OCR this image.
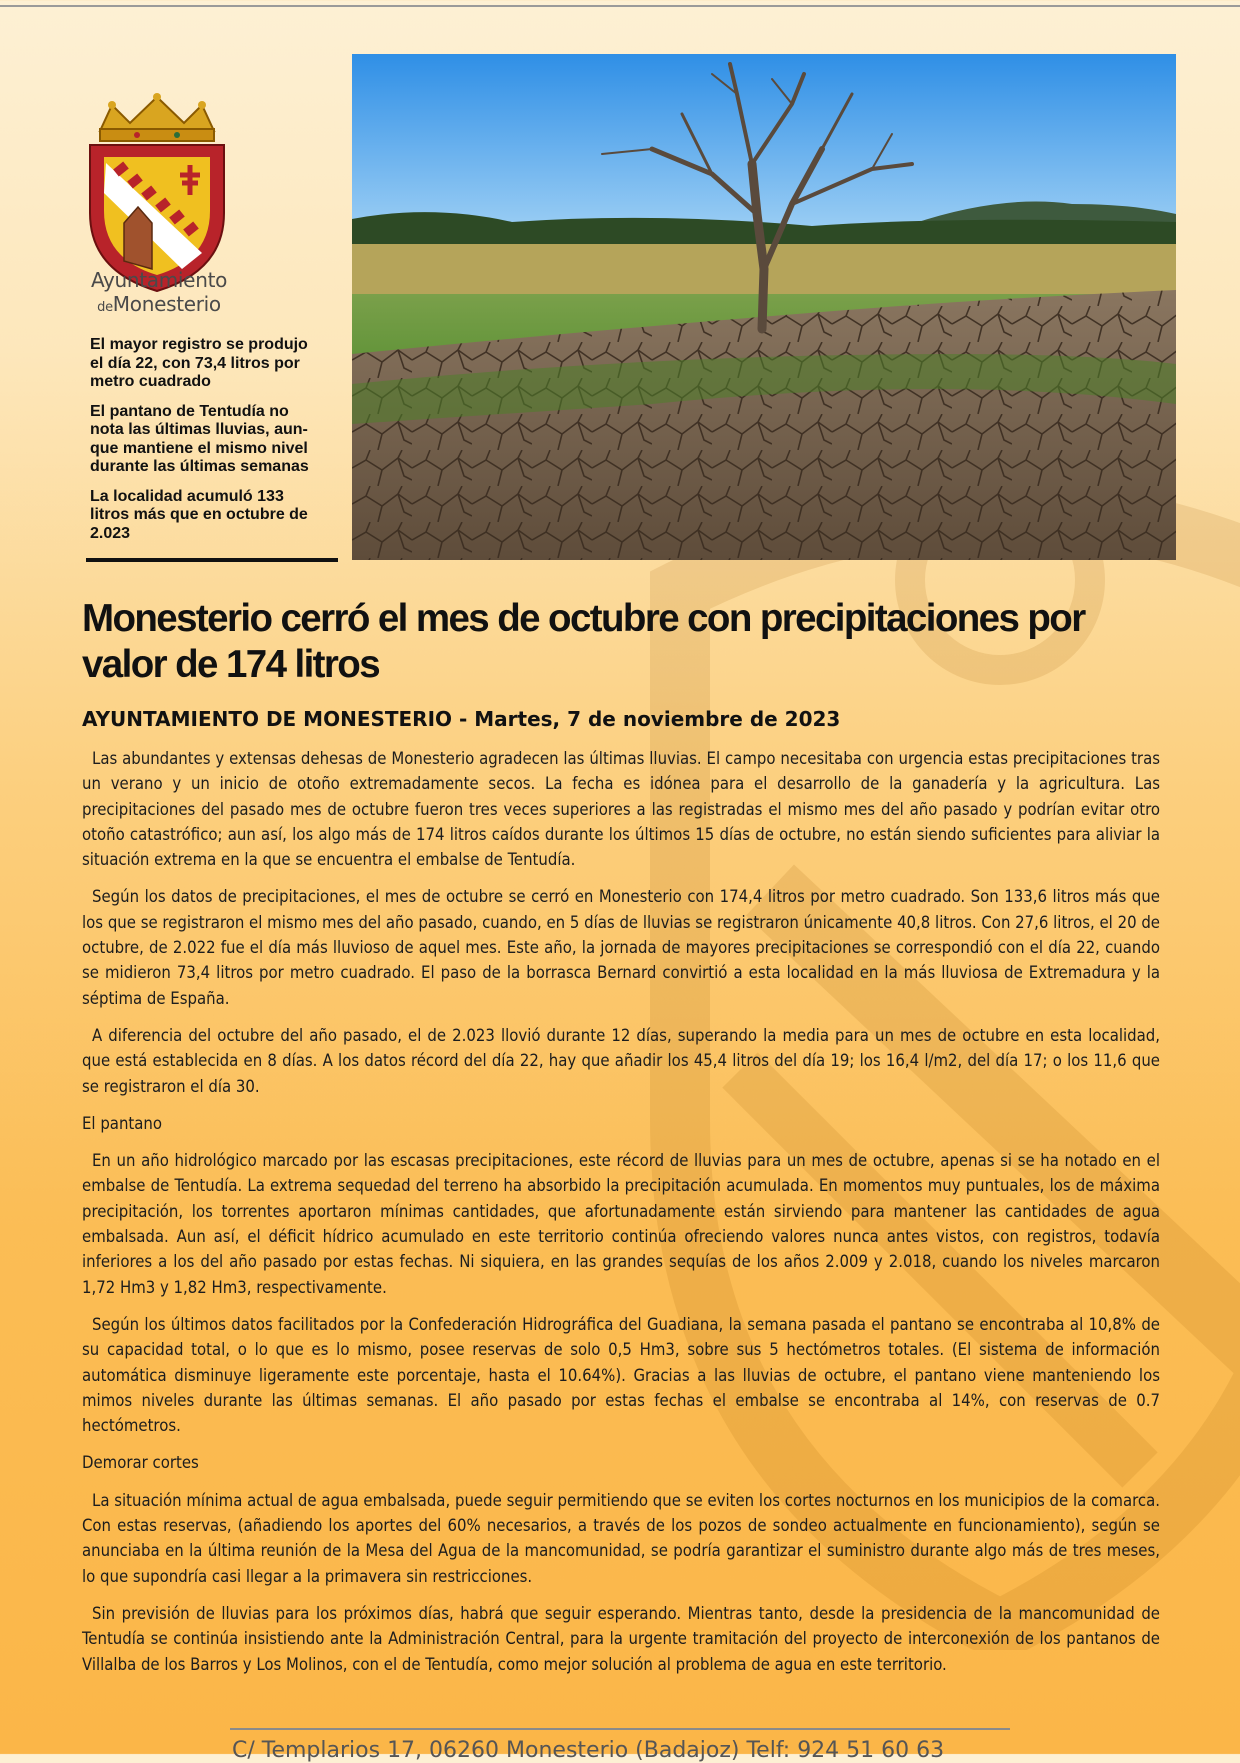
Ayuntamiento
deMonesterio

El mayor registro se produjo el día 22, con 73,4 litros por metro cuadrado

El pantano de Tentudía no nota las últimas lluvias, aunque mantiene el mismo nivel durante las últimas semanas

La localidad acumuló 133 litros más que en octubre de 2.023

Monesterio cerró el mes de octubre con precipitaciones por valor de 174 litros

AYUNTAMIENTO DE MONESTERIO - Martes, 7 de noviembre de 2023

Las abundantes y extensas dehesas de Monesterio agradecen las últimas lluvias. El campo necesitaba con urgencia estas precipitaciones tras un verano y un inicio de otoño extremadamente secos. La fecha es idónea para el desarrollo de la ganadería y la agricultura. Las precipitaciones del pasado mes de octubre fueron tres veces superiores a las registradas el mismo mes del año pasado y podrían evitar otro otoño catastrófico; aun así, los algo más de 174 litros caídos durante los últimos 15 días de octubre, no están siendo suficientes para aliviar la situación extrema en la que se encuentra el embalse de Tentudía.

Según los datos de precipitaciones, el mes de octubre se cerró en Monesterio con 174,4 litros por metro cuadrado. Son 133,6 litros más que los que se registraron el mismo mes del año pasado, cuando, en 5 días de lluvias se registraron únicamente 40,8 litros. Con 27,6 litros, el 20 de octubre, de 2.022 fue el día más lluvioso de aquel mes. Este año, la jornada de mayores precipitaciones se correspondió con el día 22, cuando se midieron 73,4 litros por metro cuadrado. El paso de la borrasca Bernard convirtió a esta localidad en la más lluviosa de Extremadura y la séptima de España.

A diferencia del octubre del año pasado, el de 2.023 llovió durante 12 días, superando la media para un mes de octubre en esta localidad, que está establecida en 8 días. A los datos récord del día 22, hay que añadir los 45,4 litros del día 19; los 16,4 l/m2, del día 17; o los 11,6 que se registraron el día 30.

El pantano

En un año hidrológico marcado por las escasas precipitaciones, este récord de lluvias para un mes de octubre, apenas si se ha notado en el embalse de Tentudía. La extrema sequedad del terreno ha absorbido la precipitación acumulada. En momentos muy puntuales, los de máxima precipitación, los torrentes aportaron mínimas cantidades, que afortunadamente están sirviendo para mantener las cantidades de agua embalsada. Aun así, el déficit hídrico acumulado en este territorio continúa ofreciendo valores nunca antes vistos, con registros, todavía inferiores a los del año pasado por estas fechas. Ni siquiera, en las grandes sequías de los años 2.009 y 2.018, cuando los niveles marcaron 1,72 Hm3 y 1,82 Hm3, respectivamente.

Según los últimos datos facilitados por la Confederación Hidrográfica del Guadiana, la semana pasada el pantano se encontraba al 10,8% de su capacidad total, o lo que es lo mismo, posee reservas de solo 0,5 Hm3, sobre sus 5 hectómetros totales. (El sistema de información automática disminuye ligeramente este porcentaje, hasta el 10.64%). Gracias a las lluvias de octubre, el pantano viene manteniendo los mimos niveles durante las últimas semanas. El año pasado por estas fechas el embalse se encontraba al 14%, con reservas de 0.7 hectómetros.

Demorar cortes

La situación mínima actual de agua embalsada, puede seguir permitiendo que se eviten los cortes nocturnos en los municipios de la comarca. Con estas reservas, (añadiendo los aportes del 60% necesarios, a través de los pozos de sondeo actualmente en funcionamiento), según se anunciaba en la última reunión de la Mesa del Agua de la mancomunidad, se podría garantizar el suministro durante algo más de tres meses, lo que supondría casi llegar a la primavera sin restricciones.

Sin previsión de lluvias para los próximos días, habrá que seguir esperando. Mientras tanto, desde la presidencia de la mancomunidad de Tentudía se continúa insistiendo ante la Administración Central, para la urgente tramitación del proyecto de interconexión de los pantanos de Villalba de los Barros y Los Molinos, con el de Tentudía, como mejor solución al problema de agua en este territorio.

C/ Templarios 17, 06260 Monesterio (Badajoz) Telf: 924 51 60 63
